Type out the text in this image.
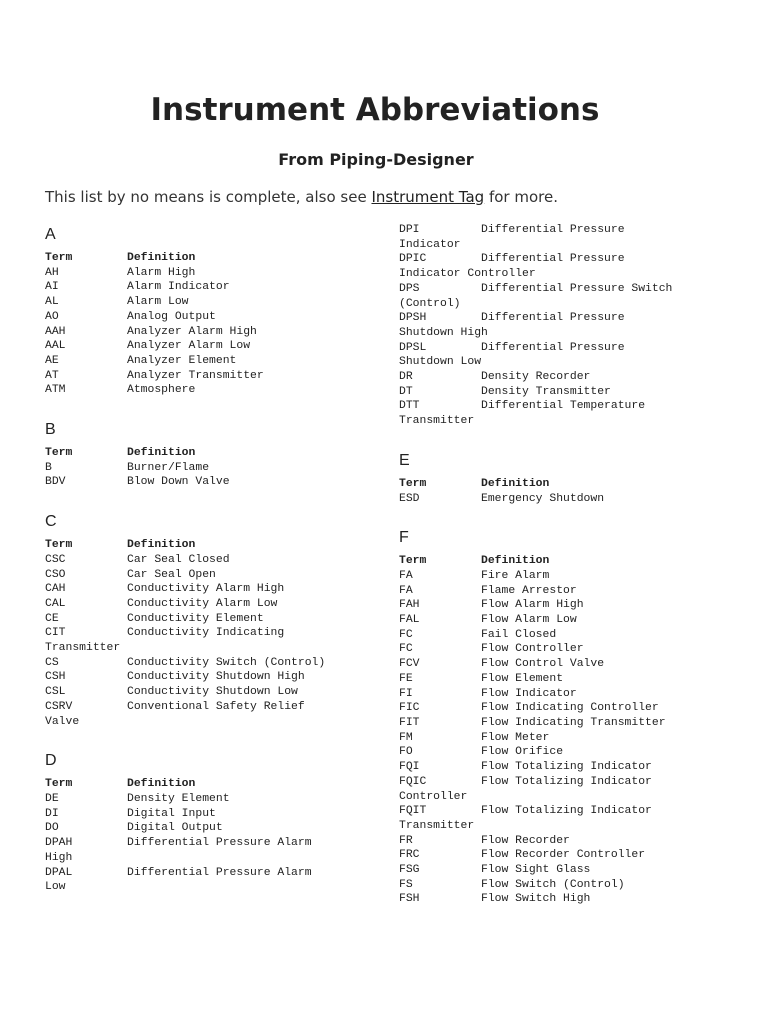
Instrument Abbreviations
From Piping-Designer

This list by no means is complete, also see Instrument Tag for more.

A
Term	Definition
AH	Alarm High
AI	Alarm Indicator
AL	Alarm Low
AO	Analog Output
AAH	Analyzer Alarm High
AAL	Analyzer Alarm Low
AE	Analyzer Element
AT	Analyzer Transmitter
ATM	Atmosphere
B
Term	Definition
B	Burner/Flame
BDV	Blow Down Valve
C
Term	Definition
CSC	Car Seal Closed
CSO	Car Seal Open
CAH	Conductivity Alarm High
CAL	Conductivity Alarm Low
CE	Conductivity Element
CIT	Conductivity Indicating
Transmitter
CS	Conductivity Switch (Control)
CSH	Conductivity Shutdown High
CSL	Conductivity Shutdown Low
CSRV	Conventional Safety Relief
Valve
D
Term	Definition
DE	Density Element
DI	Digital Input
DO	Digital Output
DPAH	Differential Pressure Alarm
High
DPAL	Differential Pressure Alarm
Low
DPI	Differential Pressure
Indicator
DPIC	Differential Pressure
Indicator Controller
DPS	Differential Pressure Switch
(Control)
DPSH	Differential Pressure
Shutdown High
DPSL	Differential Pressure
Shutdown Low
DR	Density Recorder
DT	Density Transmitter
DTT	Differential Temperature
Transmitter
E
Term	Definition
ESD	Emergency Shutdown
F
Term	Definition
FA	Fire Alarm
FA	Flame Arrestor
FAH	Flow Alarm High
FAL	Flow Alarm Low
FC	Fail Closed
FC	Flow Controller
FCV	Flow Control Valve
FE	Flow Element
FI	Flow Indicator
FIC	Flow Indicating Controller
FIT	Flow Indicating Transmitter
FM	Flow Meter
FO	Flow Orifice
FQI	Flow Totalizing Indicator
FQIC	Flow Totalizing Indicator
Controller
FQIT	Flow Totalizing Indicator
Transmitter
FR	Flow Recorder
FRC	Flow Recorder Controller
FSG	Flow Sight Glass
FS	Flow Switch (Control)
FSH	Flow Switch High
